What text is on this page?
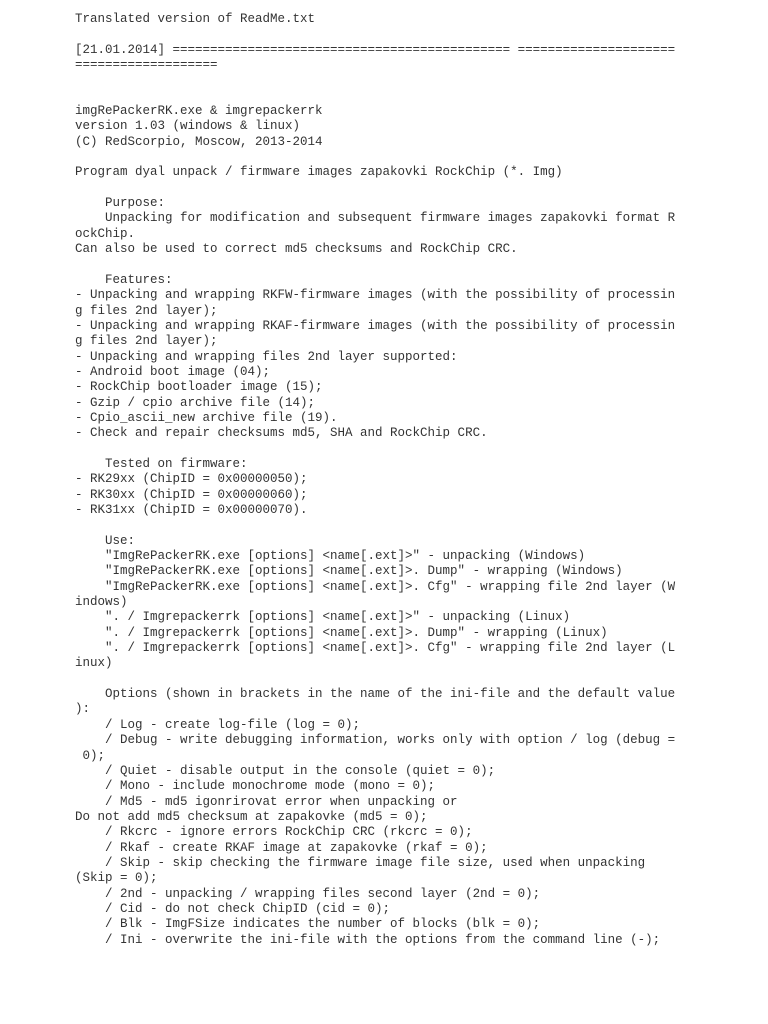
Translated version of ReadMe.txt
[21.01.2014] ============================================= =====================
===================
imgRePackerRK.exe & imgrepackerrk
version 1.03 (windows & linux)
(C) RedScorpio, Moscow, 2013-2014
Program dyal unpack / firmware images zapakovki RockChip (*. Img)
Purpose:
Unpacking for modification and subsequent firmware images zapakovki format R
ockChip.
Can also be used to correct md5 checksums and RockChip CRC.
Features:
- Unpacking and wrapping RKFW-firmware images (with the possibility of processin
g files 2nd layer);
- Unpacking and wrapping RKAF-firmware images (with the possibility of processin
g files 2nd layer);
- Unpacking and wrapping files 2nd layer supported:
- Android boot image (04);
- RockChip bootloader image (15);
- Gzip / cpio archive file (14);
- Cpio_ascii_new archive file (19).
- Check and repair checksums md5, SHA and RockChip CRC.
Tested on firmware:
- RK29xx (ChipID = 0x00000050);
- RK30xx (ChipID = 0x00000060);
- RK31xx (ChipID = 0x00000070).
Use:
"ImgRePackerRK.exe [options] <name[.ext]>" - unpacking (Windows)
"ImgRePackerRK.exe [options] <name[.ext]>. Dump" - wrapping (Windows)
"ImgRePackerRK.exe [options] <name[.ext]>. Cfg" - wrapping file 2nd layer (W
indows)
". / Imgrepackerrk [options] <name[.ext]>" - unpacking (Linux)
". / Imgrepackerrk [options] <name[.ext]>. Dump" - wrapping (Linux)
". / Imgrepackerrk [options] <name[.ext]>. Cfg" - wrapping file 2nd layer (L
inux)
Options (shown in brackets in the name of the ini-file and the default value
):
/ Log - create log-file (log = 0);
/ Debug - write debugging information, works only with option / log (debug =
0);
/ Quiet - disable output in the console (quiet = 0);
/ Mono - include monochrome mode (mono = 0);
/ Md5 - md5 igonrirovat error when unpacking or
Do not add md5 checksum at zapakovke (md5 = 0);
/ Rkcrc - ignore errors RockChip CRC (rkcrc = 0);
/ Rkaf - create RKAF image at zapakovke (rkaf = 0);
/ Skip - skip checking the firmware image file size, used when unpacking
(Skip = 0);
/ 2nd - unpacking / wrapping files second layer (2nd = 0);
/ Cid - do not check ChipID (cid = 0);
/ Blk - ImgFSize indicates the number of blocks (blk = 0);
/ Ini - overwrite the ini-file with the options from the command line (-);
